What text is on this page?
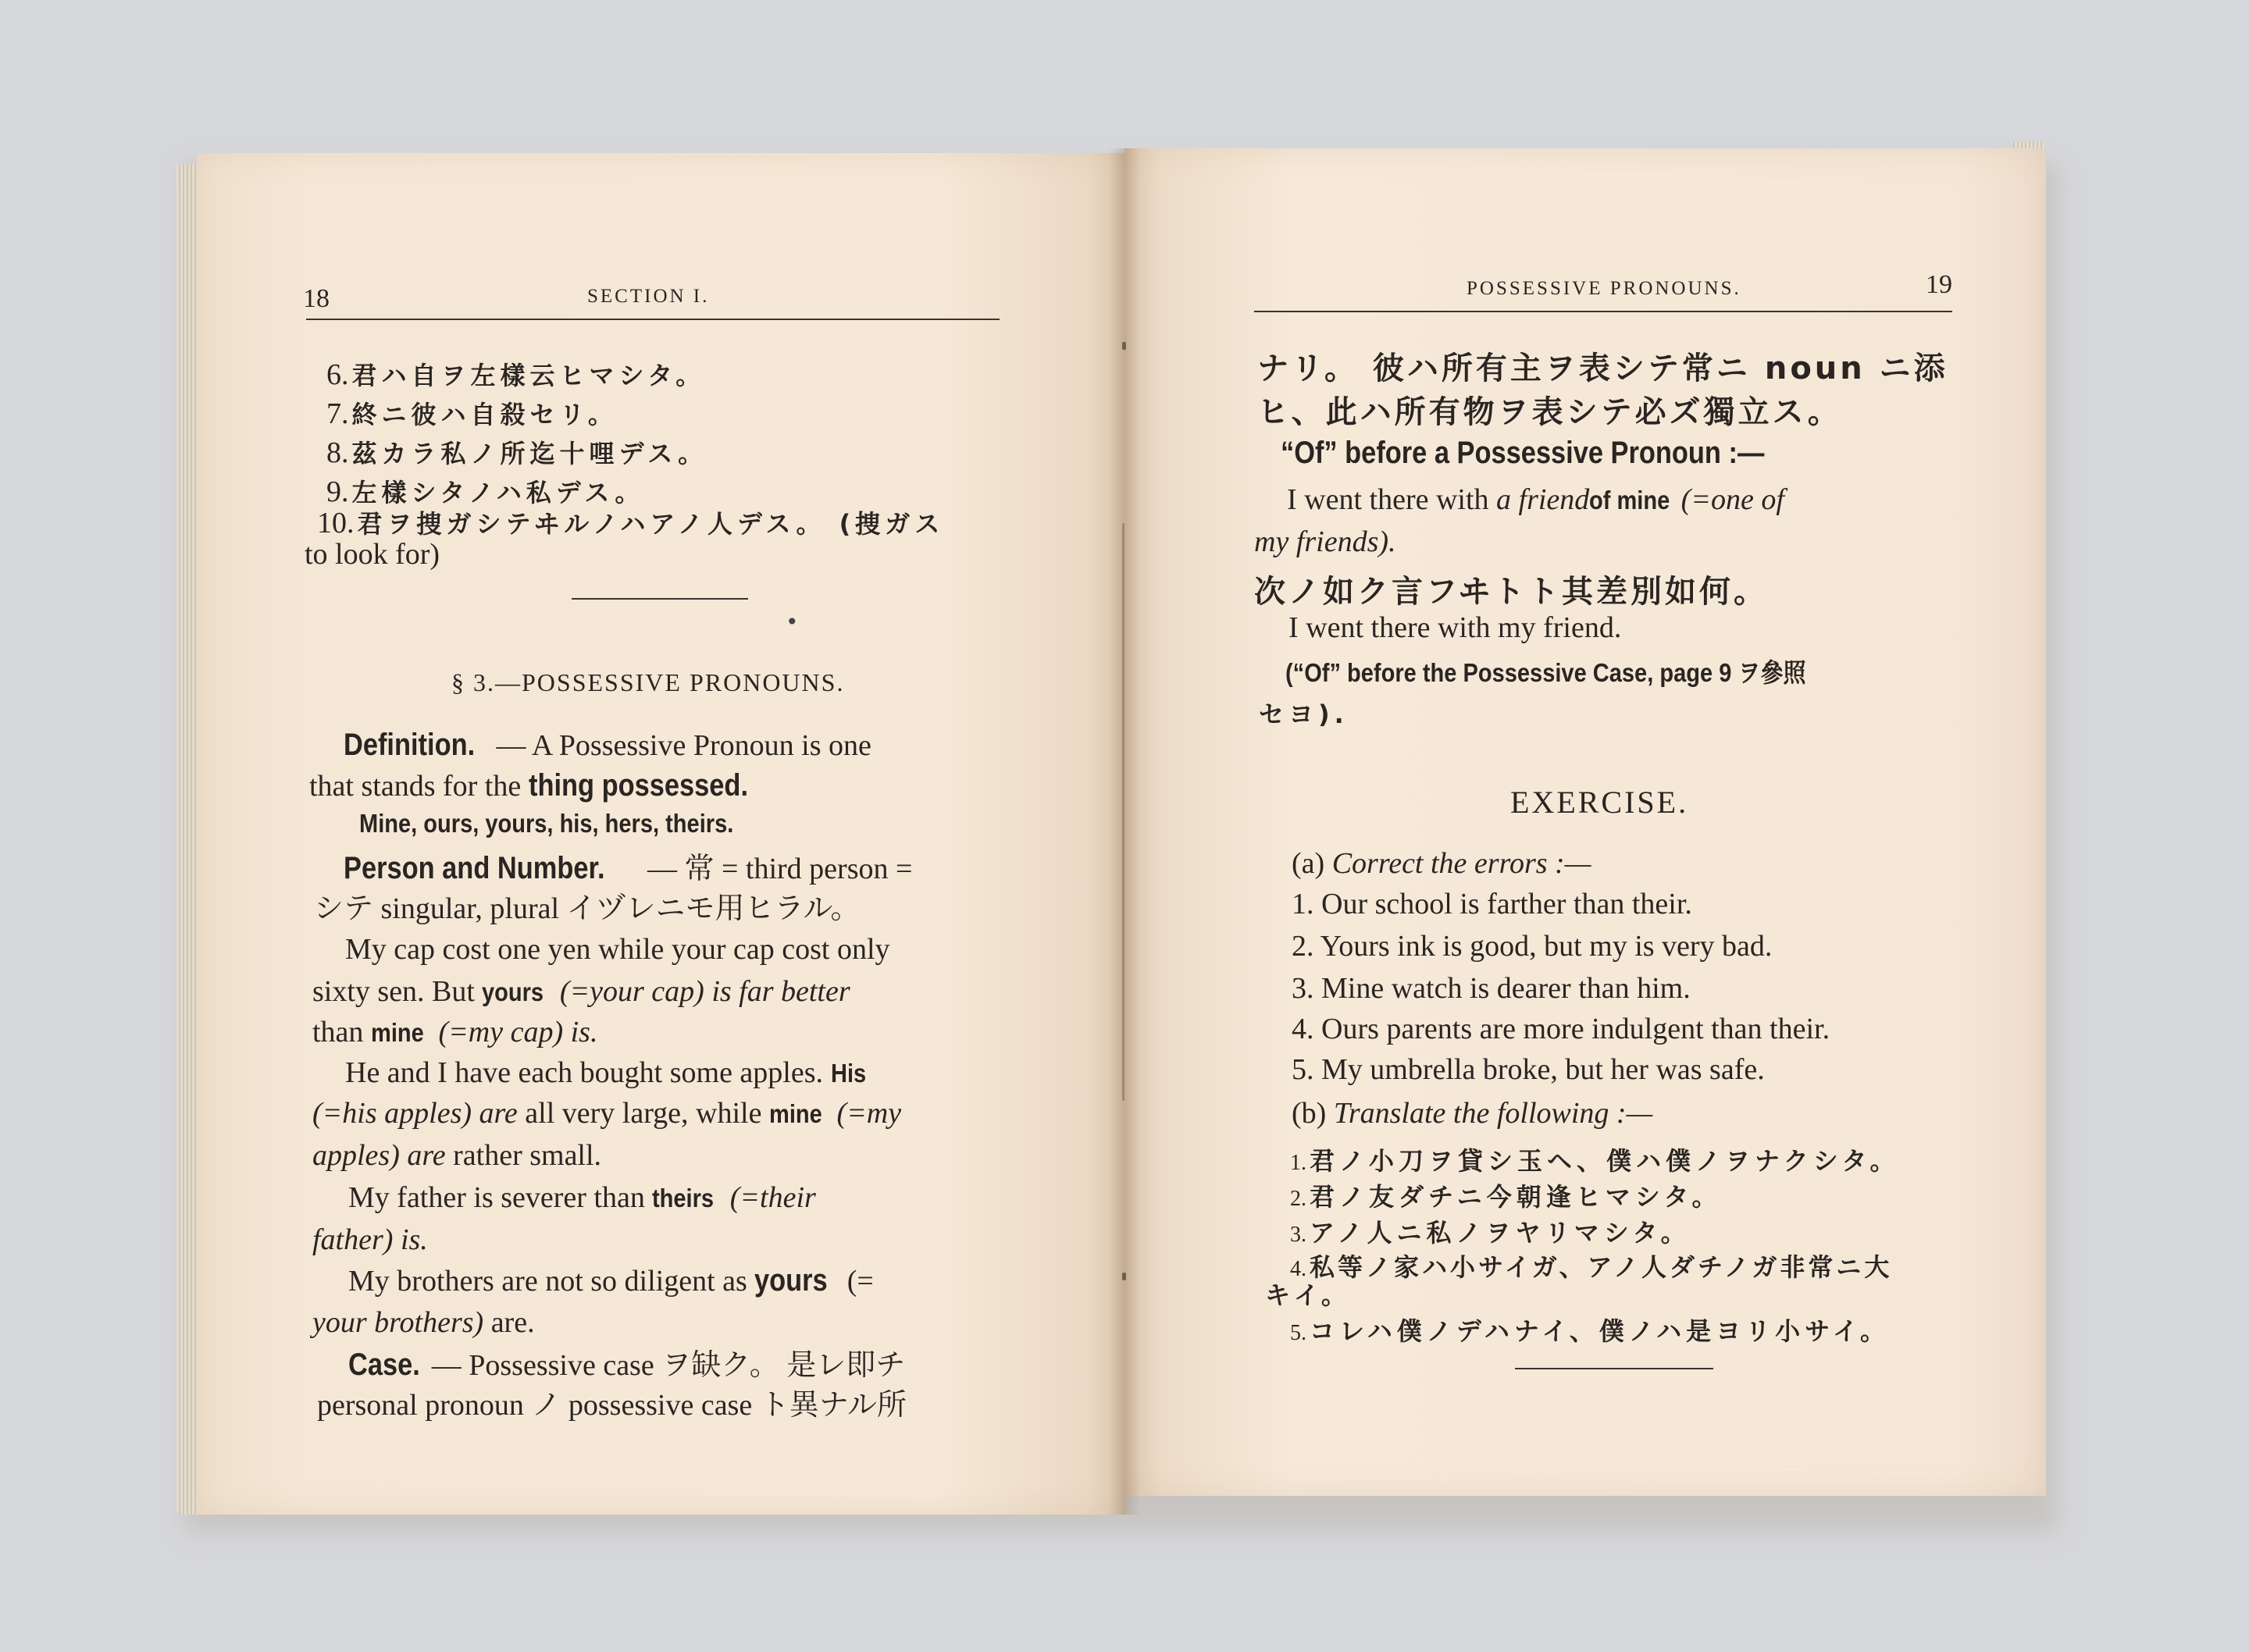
18	SECTION I.
6. 君ハ自ヲ左樣云ヒマシタ。
7. 終ニ彼ハ自殺セリ。
8. 茲カラ私ノ所迄十哩デス。
9. 左樣シタノハ私デス。
10. 君ヲ捜ガシテヰルノハアノ人デス。 (捜ガス
to look for)
•
§ 3.—POSSESSIVE PRONOUNS.
Definition. — A Possessive Pronoun is one
that stands for the thing possessed.
Mine, ours, yours, his, hers, theirs.
Person and Number. — 常 = third person =
シテ singular, plural イヅレニモ用ヒラル。
My cap cost one yen while your cap cost only
sixty sen. But yours (=your cap) is far better
than mine (=my cap) is.
He and I have each bought some apples. His
(=his apples) are all very large, while mine (=my
apples) are rather small.
My father is severer than theirs (=their
father) is.
My brothers are not so diligent as yours (=
your brothers) are.
Case. — Possessive case ヲ缺ク。 是レ即チ
personal pronoun ノ possessive case ト異ナル所
POSSESSIVE PRONOUNS.	19
ナリ。 彼ハ所有主ヲ表シテ常ニ noun ニ添
ヒ、此ハ所有物ヲ表シテ必ズ獨立ス。
“Of” before a Possessive Pronoun :—
I went there with a friendof mine(=one of
my friends).
次ノ如ク言フヰトト其差別如何。
I went there with my friend.
(“Of” before the Possessive Case, page 9 ヲ參照
セヨ).
EXERCISE.
(a) Correct the errors :—
1. Our school is farther than their.
2. Yours ink is good, but my is very bad.
3. Mine watch is dearer than him.
4. Ours parents are more indulgent than their.
5. My umbrella broke, but her was safe.
(b) Translate the following :—
1. 君ノ小刀ヲ貸シ玉ヘ、僕ハ僕ノヲナクシタ。
2. 君ノ友ダチニ今朝逢ヒマシタ。
3. アノ人ニ私ノヲヤリマシタ。
4. 私等ノ家ハ小サイガ、アノ人ダチノガ非常ニ大
キイ。
5. コレハ僕ノデハナイ、僕ノハ是ヨリ小サイ。
